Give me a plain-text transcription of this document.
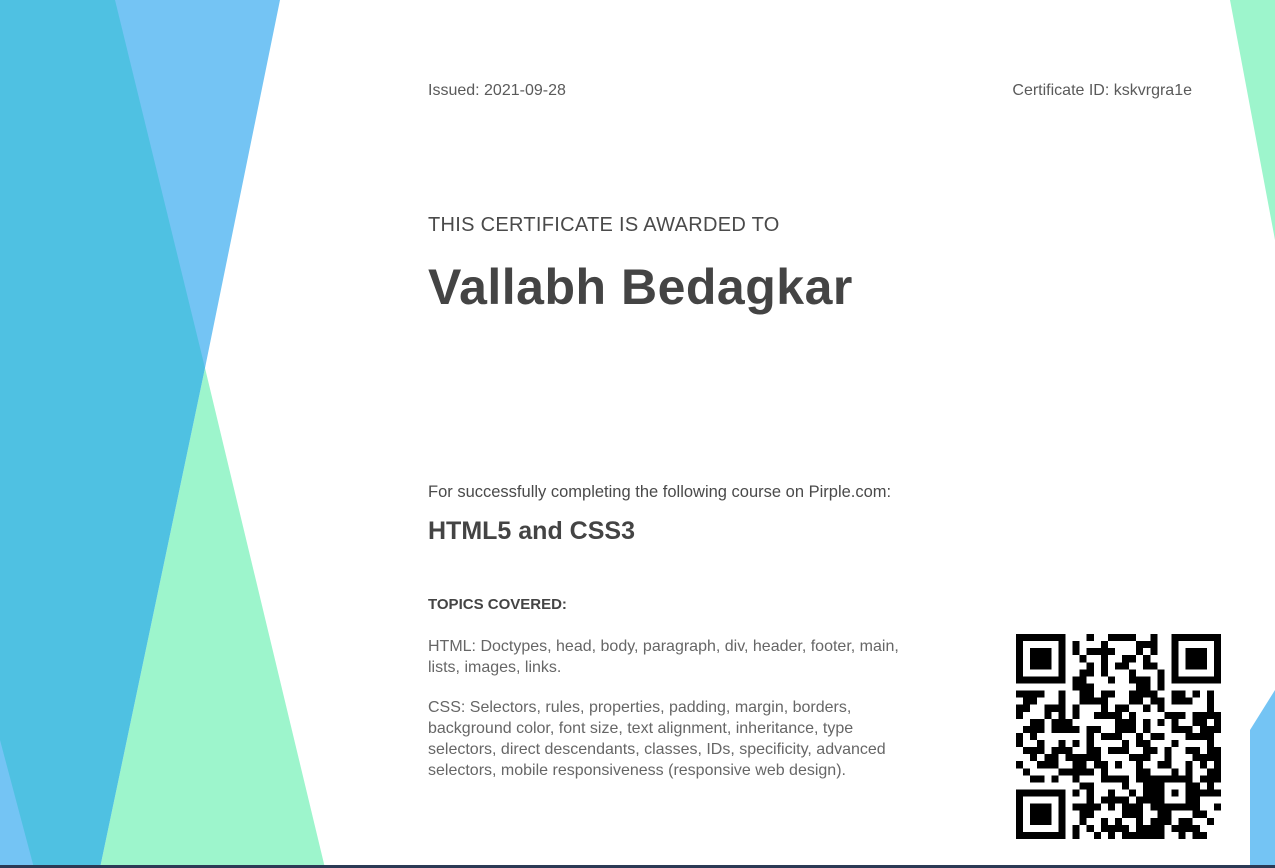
Issued: 2021-09-28	Certificate ID: kskvrgra1e

THIS CERTIFICATE IS AWARDED TO

Vallabh Bedagkar

For successfully completing the following course on Pirple.com:

HTML5 and CSS3

TOPICS COVERED:

HTML: Doctypes, head, body, paragraph, div, header, footer, main, lists, images, links.

CSS: Selectors, rules, properties, padding, margin, borders, background color, font size, text alignment, inheritance, type selectors, direct descendants, classes, IDs, specificity, advanced selectors, mobile responsiveness (responsive web design).
